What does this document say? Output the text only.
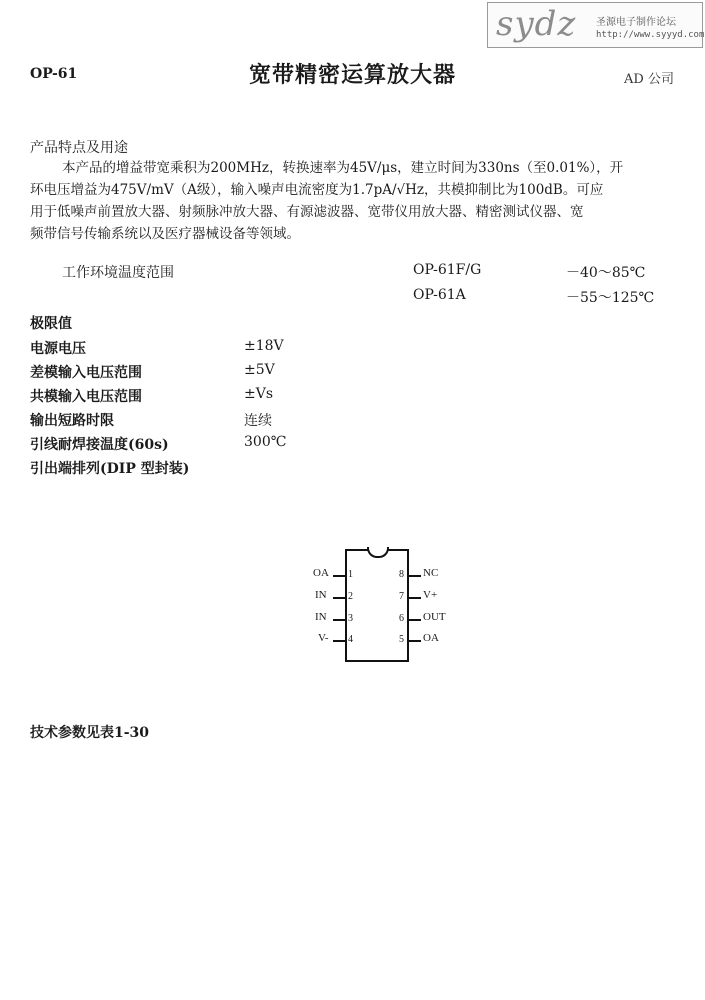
sydz 圣源电子制作论坛
http://www.syyyd.com
OP-61	宽带精密运算放大器	AD 公司
产品特点及用途

本产品的增益带宽乘积为200MHz，转换速率为45V/μs，建立时间为330ns（至0.01%），开

环电压增益为475V/mV（A级），输入噪声电流密度为1.7pA/√Hz，共模抑制比为100dB。可应

用于低噪声前置放大器、射频脉冲放大器、有源滤波器、宽带仪用放大器、精密测试仪器、宽

频带信号传输系统以及医疗器械设备等领域。

工作环境温度范围	OP-61F/G	－40～85℃
OP-61A	－55～125℃
极限值
电源电压	±18V
差模输入电压范围	±5V
共模输入电压范围	±Vs
输出短路时限	连续
引线耐焊接温度(60s)	300℃
引出端排列(DIP 型封装)
OA
IN
IN
V-
1
2
3
4
8
7
6
5
NC
V+
OUT
OA
技术参数见表1-30
